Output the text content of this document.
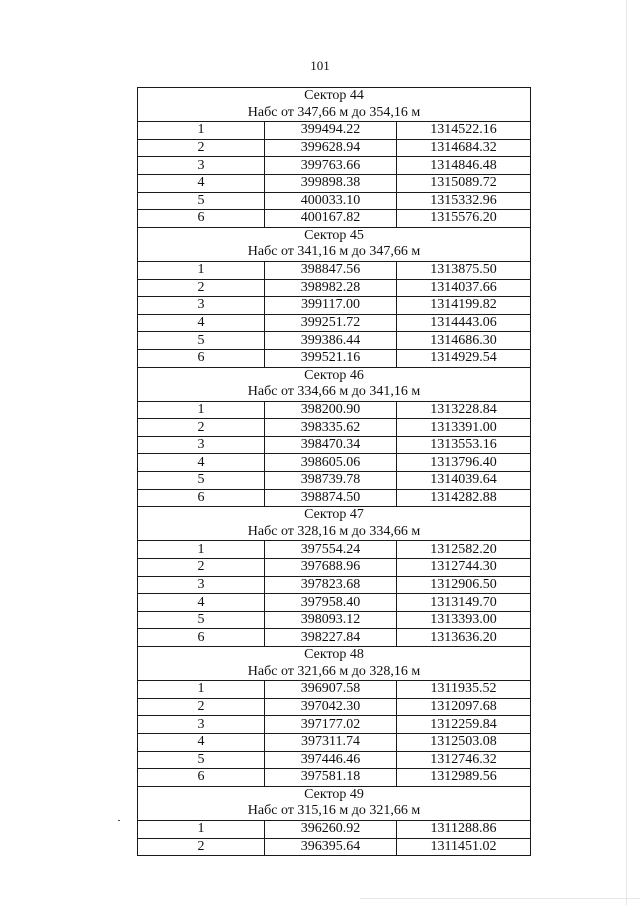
101
Сектор 44
Набс от 347,66 м до 354,16 м		

1	399494.22	1314522.16
2	399628.94	1314684.32
3	399763.66	1314846.48
4	399898.38	1315089.72
5	400033.10	1315332.96
6	400167.82	1315576.20

Сектор 45
Набс от 341,16 м до 347,66 м		

1	398847.56	1313875.50
2	398982.28	1314037.66
3	399117.00	1314199.82
4	399251.72	1314443.06
5	399386.44	1314686.30
6	399521.16	1314929.54

Сектор 46
Набс от 334,66 м до 341,16 м		

1	398200.90	1313228.84
2	398335.62	1313391.00
3	398470.34	1313553.16
4	398605.06	1313796.40
5	398739.78	1314039.64
6	398874.50	1314282.88

Сектор 47
Набс от 328,16 м до 334,66 м		

1	397554.24	1312582.20
2	397688.96	1312744.30
3	397823.68	1312906.50
4	397958.40	1313149.70
5	398093.12	1313393.00
6	398227.84	1313636.20

Сектор 48
Набс от 321,66 м до 328,16 м		

1	396907.58	1311935.52
2	397042.30	1312097.68
3	397177.02	1312259.84
4	397311.74	1312503.08
5	397446.46	1312746.32
6	397581.18	1312989.56

Сектор 49
Набс от 315,16 м до 321,66 м		

1	396260.92	1311288.86
2	396395.64	1311451.02
